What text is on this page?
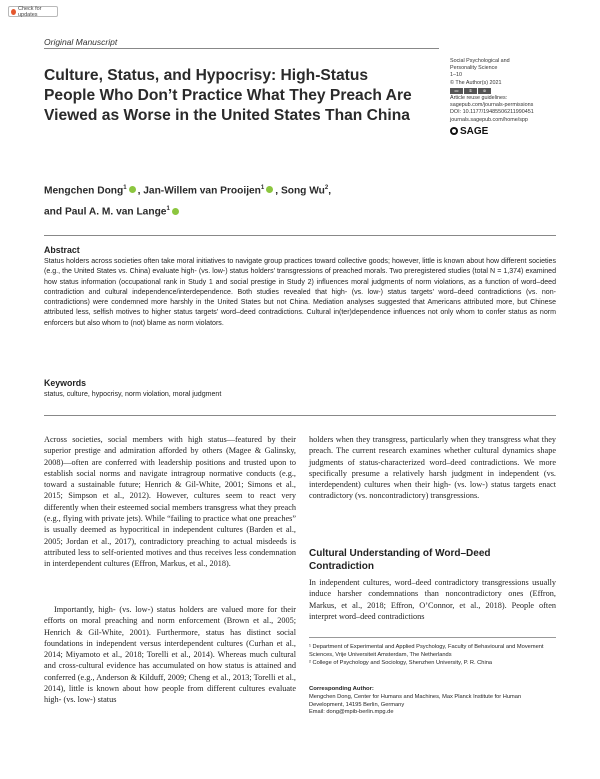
Check for updates
Original Manuscript
Culture, Status, and Hypocrisy: High-Status People Who Don’t Practice What They Preach Are Viewed as Worse in the United States Than China
Social Psychological and
Personality Science
1–10
© The Author(s) 2021
cc	①	⊜
Article reuse guidelines:
sagepub.com/journals-permissions
DOI: 10.1177/19485506211990451
journals.sagepub.com/home/spp
SAGE
Mengchen Dong$^1$ , Jan-Willem van Prooijen$^1$ , Song Wu$^2$,
and Paul A. M. van Lange$^1$
Abstract

Status holders across societies often take moral initiatives to navigate group practices toward collective goods; however, little is known about how different societies (e.g., the United States vs. China) evaluate high- (vs. low-) status holders’ transgressions of preached morals. Two preregistered studies (total N = 1,374) examined how status information (occupational rank in Study 1 and social prestige in Study 2) influences moral judgments of norm violations, as a function of word–deed contradiction and cultural independence/interdependence. Both studies revealed that high- (vs. low-) status targets’ word–deed contradictions (vs. non-contradictions) were condemned more harshly in the United States but not China. Mediation analyses suggested that Americans attributed more, but Chinese attributed less, selfish motives to higher status targets’ word–deed contradictions. Cultural in(ter)dependence influences not only whom to confer status as norm enforcers but also whom to (not) blame as norm violators.

Keywords
status, culture, hypocrisy, norm violation, moral judgment

Across societies, social members with high status—featured by their superior prestige and admiration afforded by others (Magee & Galinsky, 2008)—often are conferred with leadership positions and trusted upon to establish social norms and navigate intragroup normative conducts (e.g., toward a sustainable future; Henrich & Gil-White, 2001; Simons et al., 2015; Simpson et al., 2012). However, cultures seem to react very differently when their esteemed social members transgress what they preach (e.g., flying with private jets). While “failing to practice what one preaches” is usually deemed as hypocritical in independent cultures (Barden et al., 2005; Jordan et al., 2017), contradictory preaching to actual misdeeds is attributed less to self-oriented motives and thus receives less condemnation in interdependent cultures (Effron, Markus, et al., 2018).

Importantly, high- (vs. low-) status holders are valued more for their efforts on moral preaching and norm enforcement (Brown et al., 2005; Henrich & Gil-White, 2001). Furthermore, status has distinct social foundations in independent versus interdependent cultures (Curhan et al., 2014; Miyamoto et al., 2018; Torelli et al., 2014). Whereas much cultural and cross-cultural evidence has accumulated on how status is attained and conferred (e.g., Anderson & Kilduff, 2009; Cheng et al., 2013; Torelli et al., 2014), little is known about how people from different cultures evaluate high- (vs. low-) status

holders when they transgress, particularly when they transgress what they preach. The current research examines whether cultural dynamics shape judgments of status-characterized word–deed contradictions. We more specifically presume a relatively harsh judgment in independent (vs. interdependent) cultures when their high- (vs. low-) status targets enact contradictory (vs. noncontradictory) transgressions.

Cultural Understanding of Word–Deed Contradiction

In independent cultures, word–deed contradictory transgressions usually induce harsher condemnations than noncontradictory ones (Effron, Markus, et al., 2018; Effron, O’Connor, et al., 2018). People often interpret word–deed contradictions

¹ Department of Experimental and Applied Psychology, Faculty of Behavioural and Movement Sciences, Vrije Universiteit Amsterdam, The Netherlands

² College of Psychology and Sociology, Shenzhen University, P. R. China

Corresponding Author:

Mengchen Dong, Center for Humans and Machines, Max Planck Institute for Human Development, 14195 Berlin, Germany
Email: dong@mpib-berlin.mpg.de
